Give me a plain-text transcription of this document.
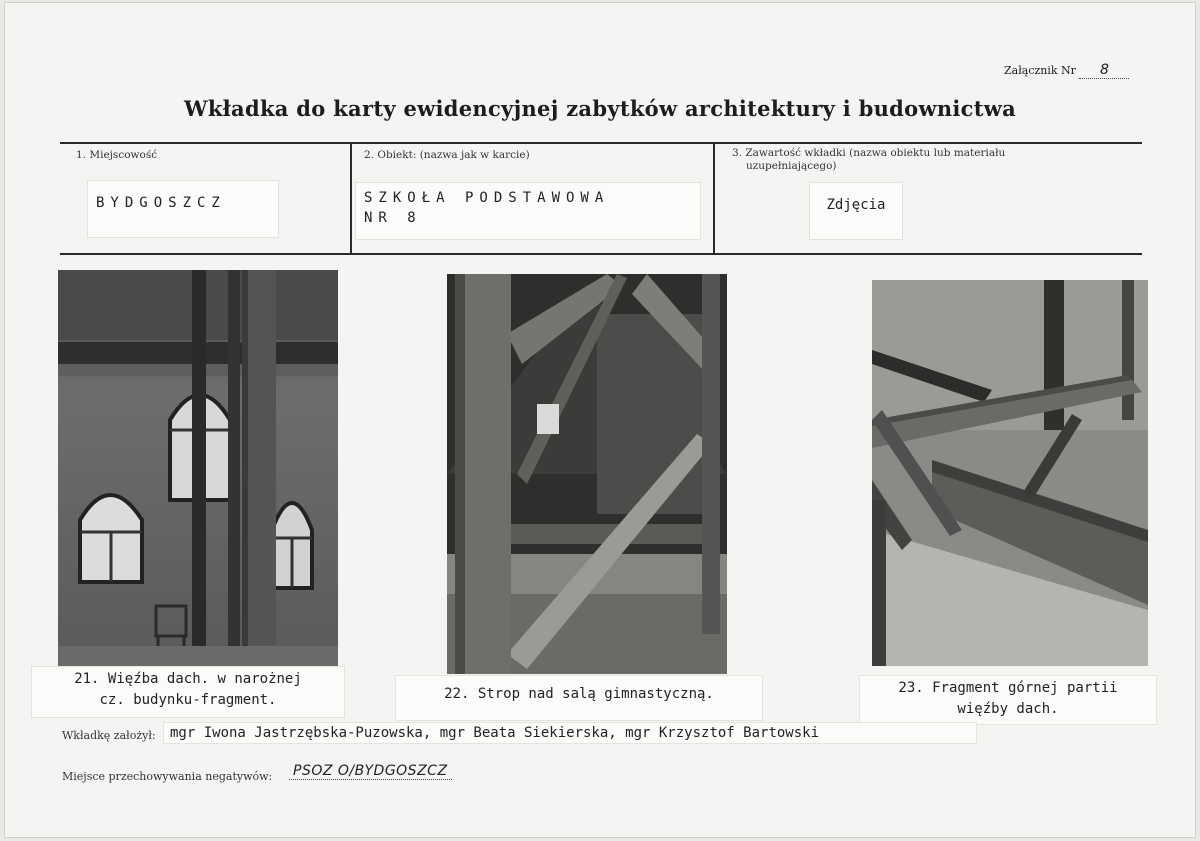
Załącznik Nr 8
Wkładka do karty ewidencyjnej zabytków architektury i budownictwa
1. Miejscowość
BYDGOSZCZ
2. Obiekt: (nazwa jak w karcie)
SZKOŁA PODSTAWOWA
NR 8
3. Zawartość wkładki (nazwa obiektu lub materiału
uzupełniającego)
Zdjęcia
21. Więźba dach. w narożnej
cz. budynku-fragment.	22. Strop nad salą gimnastyczną.	23. Fragment górnej partii
więźby dach.
Wkładkę założył:	mgr Iwona Jastrzębska-Puzowska, mgr Beata Siekierska, mgr Krzysztof Bartowski
Miejsce przechowywania negatywów: PSOZ O/BYDGOSZCZ
